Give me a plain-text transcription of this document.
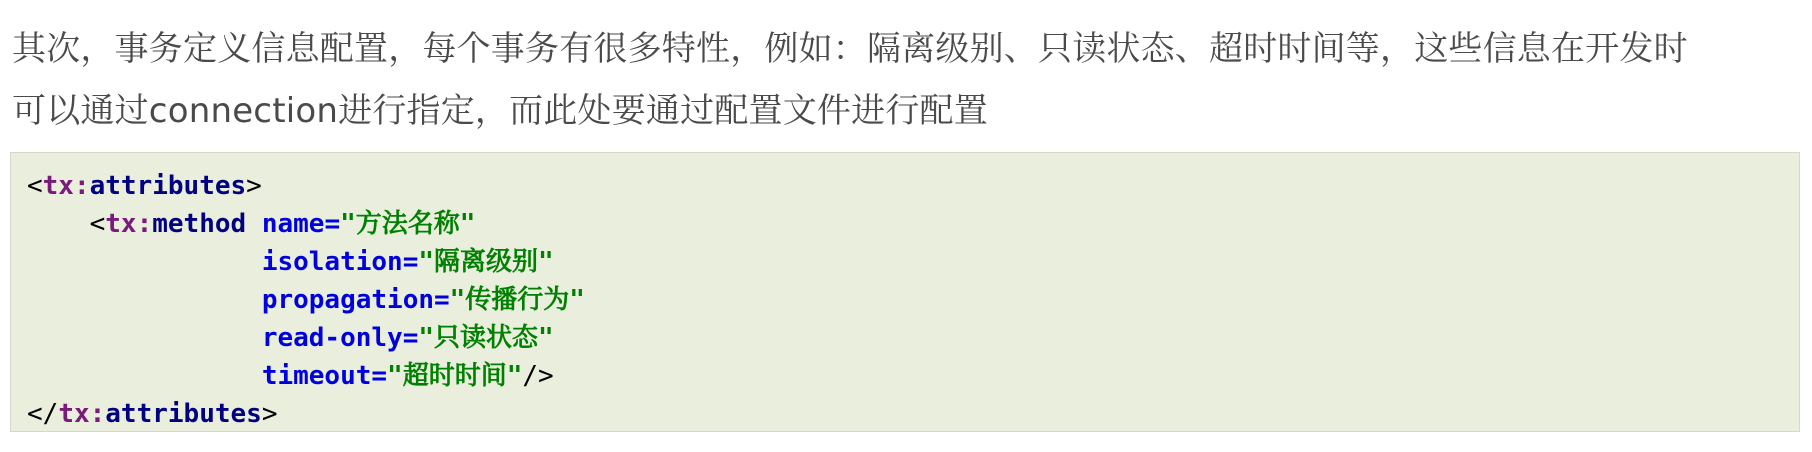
其次，事务定义信息配置，每个事务有很多特性，例如：隔离级别、只读状态、超时时间等，这些信息在开发时
可以通过connection进行指定，而此处要通过配置文件进行配置
<tx:attributes>
<tx:method name="方法名称"
isolation="隔离级别"
propagation="传播行为"
read-only="只读状态"
timeout="超时时间"/>
</tx:attributes>
